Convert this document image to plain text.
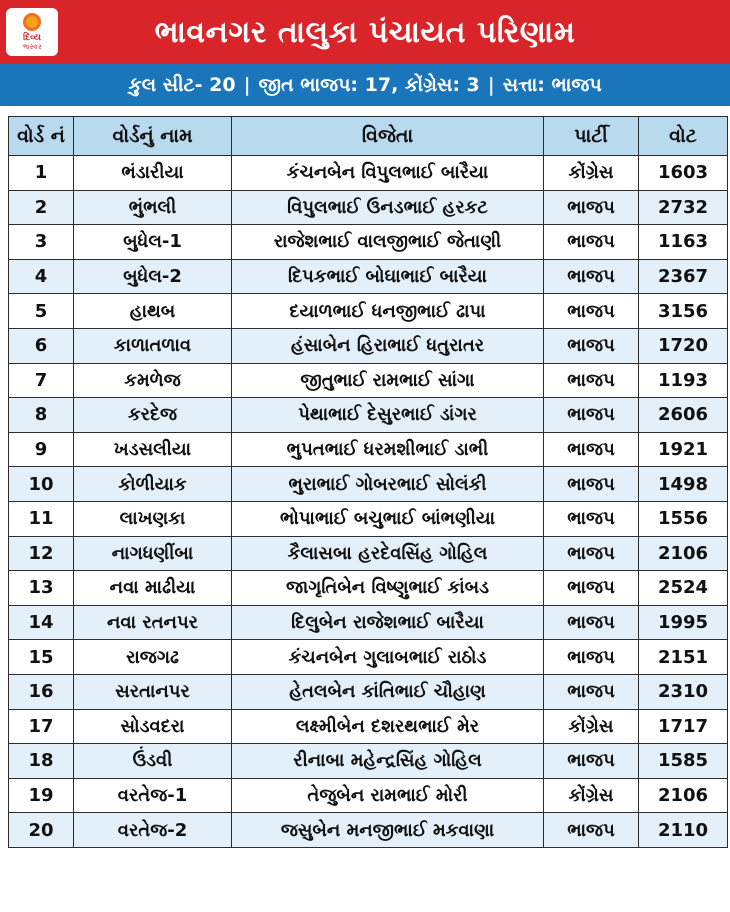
દિવ્ય
ભાસ્કર	ભાવનગર તાલુકા પંચાયત પરિણામ
કુલ સીટ- 20 | જીત ભાજપ: 17, કોંગ્રેસ: 3 | સત્તા: ભાજપ
વોર્ડ નં	વોર્ડનું નામ	વિજેતા	પાર્ટી	વોટ
1	ભંડારીયા	કંચનબેન વિપુલભાઈ બારૈયા	કોંગ્રેસ	1603
2	ભુંભલી	વિપુલભાઈ ઉનડભાઈ હરકટ	ભાજપ	2732
3	બુધેલ-1	રાજેશભાઈ વાલજીભાઈ જેતાણી	ભાજપ	1163
4	બુધેલ-2	દિપકભાઈ બોઘાભાઈ બારૈયા	ભાજપ	2367
5	હાથબ	દયાળભાઈ ધનજીભાઈ ઢાપા	ભાજપ	3156
6	કાળાતળાવ	હંસાબેન હિરાભાઈ ધતુરાતર	ભાજપ	1720
7	કમળેજ	જીતુભાઈ રામભાઈ સાંગા	ભાજપ	1193
8	કરદેજ	પેથાભાઈ દેસુરભાઈ ડાંગર	ભાજપ	2606
9	ખડસલીયા	ભુપતભાઈ ધરમશીભાઈ ડાભી	ભાજપ	1921
10	કોળીયાક	ભુરાભાઈ ગોબરભાઈ સોલંકી	ભાજપ	1498
11	લાખણકા	ભોપાભાઈ બચુભાઈ બાંભણીયા	ભાજપ	1556
12	નાગધણીંબા	કૈલાસબા હરદેવસિંહ ગોહિલ	ભાજપ	2106
13	નવા માઢીયા	જાગૃતિબેન વિષ્ણુભાઈ કાંબડ	ભાજપ	2524
14	નવા રતનપર	દિલુબેન રાજેશભાઈ બારૈયા	ભાજપ	1995
15	રાજગઢ	કંચનબેન ગુલાબભાઈ રાઠોડ	ભાજપ	2151
16	સરતાનપર	હેતલબેન કાંતિભાઈ ચૌહાણ	ભાજપ	2310
17	સોડવદરા	લક્ષ્મીબેન દશરથભાઈ મેર	કોંગ્રેસ	1717
18	ઉંડવી	રીનાબા મહેન્દ્રસિંહ ગોહિલ	ભાજપ	1585
19	વરતેજ-1	તેજુબેન રામભાઈ મોરી	કોંગ્રેસ	2106
20	વરતેજ-2	જસુબેન મનજીભાઈ મકવાણા	ભાજપ	2110
